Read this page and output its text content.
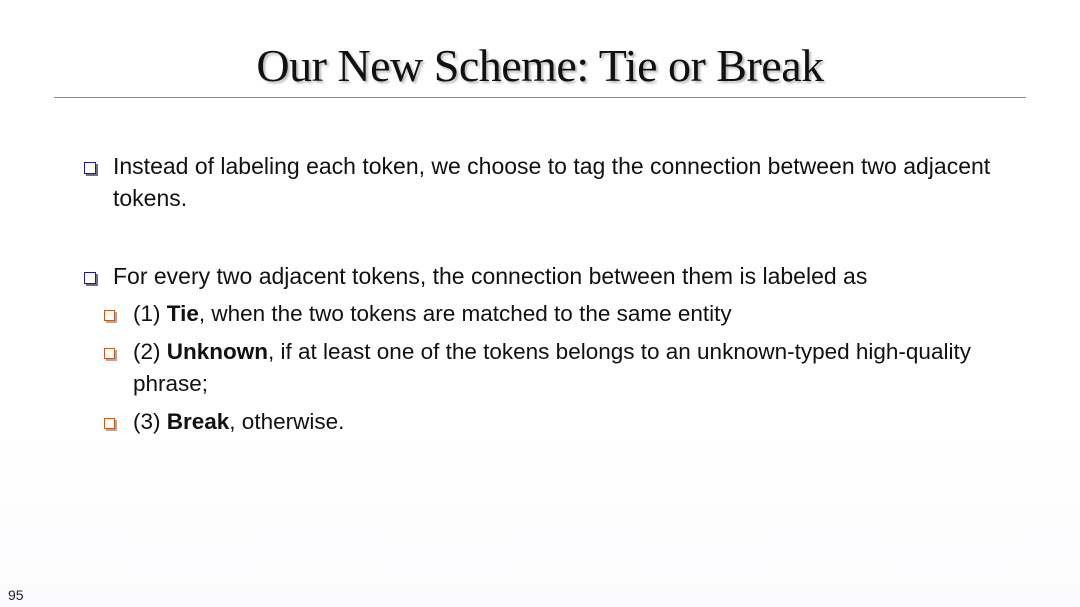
Our New Scheme: Tie or Break
Instead of labeling each token, we choose to tag the connection between two adjacent tokens.
For every two adjacent tokens, the connection between them is labeled as
(1) Tie, when the two tokens are matched to the same entity
(2) Unknown, if at least one of the tokens belongs to an unknown-typed high-quality phrase;
(3) Break, otherwise.
95
